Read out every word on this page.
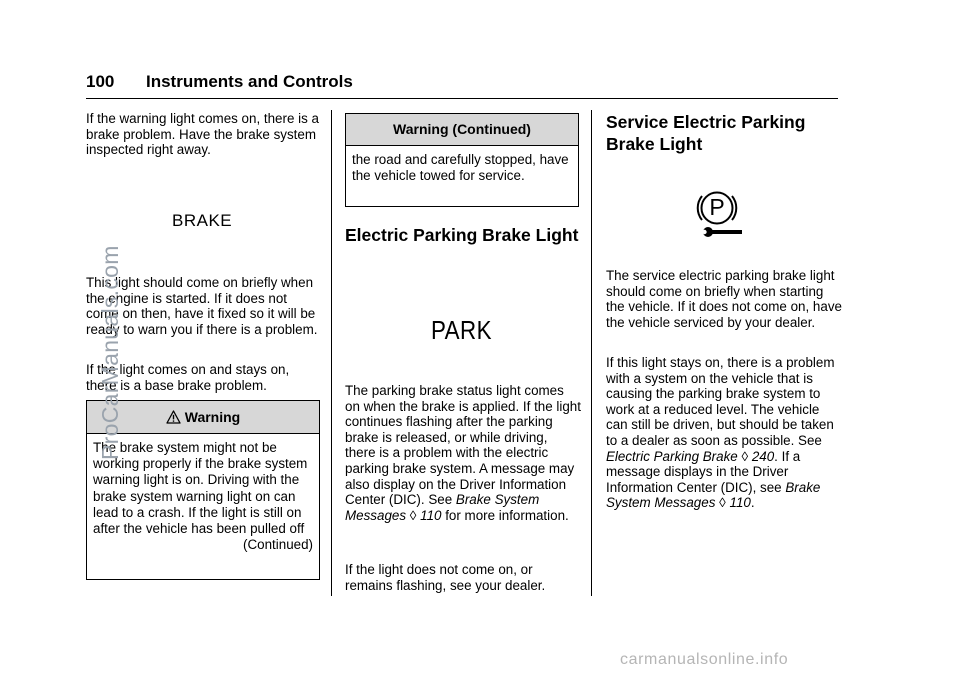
100 Instruments and Controls

If the warning light comes on, there is a brake problem. Have the brake system inspected right away.

BRAKE

This light should come on briefly when the engine is started. If it does not come on then, have it fixed so it will be ready to warn you if there is a problem.

If the light comes on and stays on, there is a base brake problem.

Warning

The brake system might not be working properly if the brake system warning light is on. Driving with the brake system warning light on can lead to a crash. If the light is still on after the vehicle has been pulled off

(Continued)

Warning (Continued)

the road and carefully stopped, have the vehicle towed for service.

Electric Parking Brake Light
PARK

The parking brake status light comes on when the brake is applied. If the light continues flashing after the parking brake is released, or while driving, there is a problem with the electric parking brake system. A message may also display on the Driver Information Center (DIC). See Brake System Messages ◊ 110 for more information.

If the light does not come on, or remains flashing, see your dealer.

Service Electric Parking Brake Light
P

The service electric parking brake light should come on briefly when starting the vehicle. If it does not come on, have the vehicle serviced by your dealer.

If this light stays on, there is a problem with a system on the vehicle that is causing the parking brake system to work at a reduced level. The vehicle can still be driven, but should be taken to a dealer as soon as possible. See Electric Parking Brake ◊ 240. If a message displays in the Driver Information Center (DIC), see Brake System Messages ◊ 110.

ProCarManuals.com
carmanualsonline.info
